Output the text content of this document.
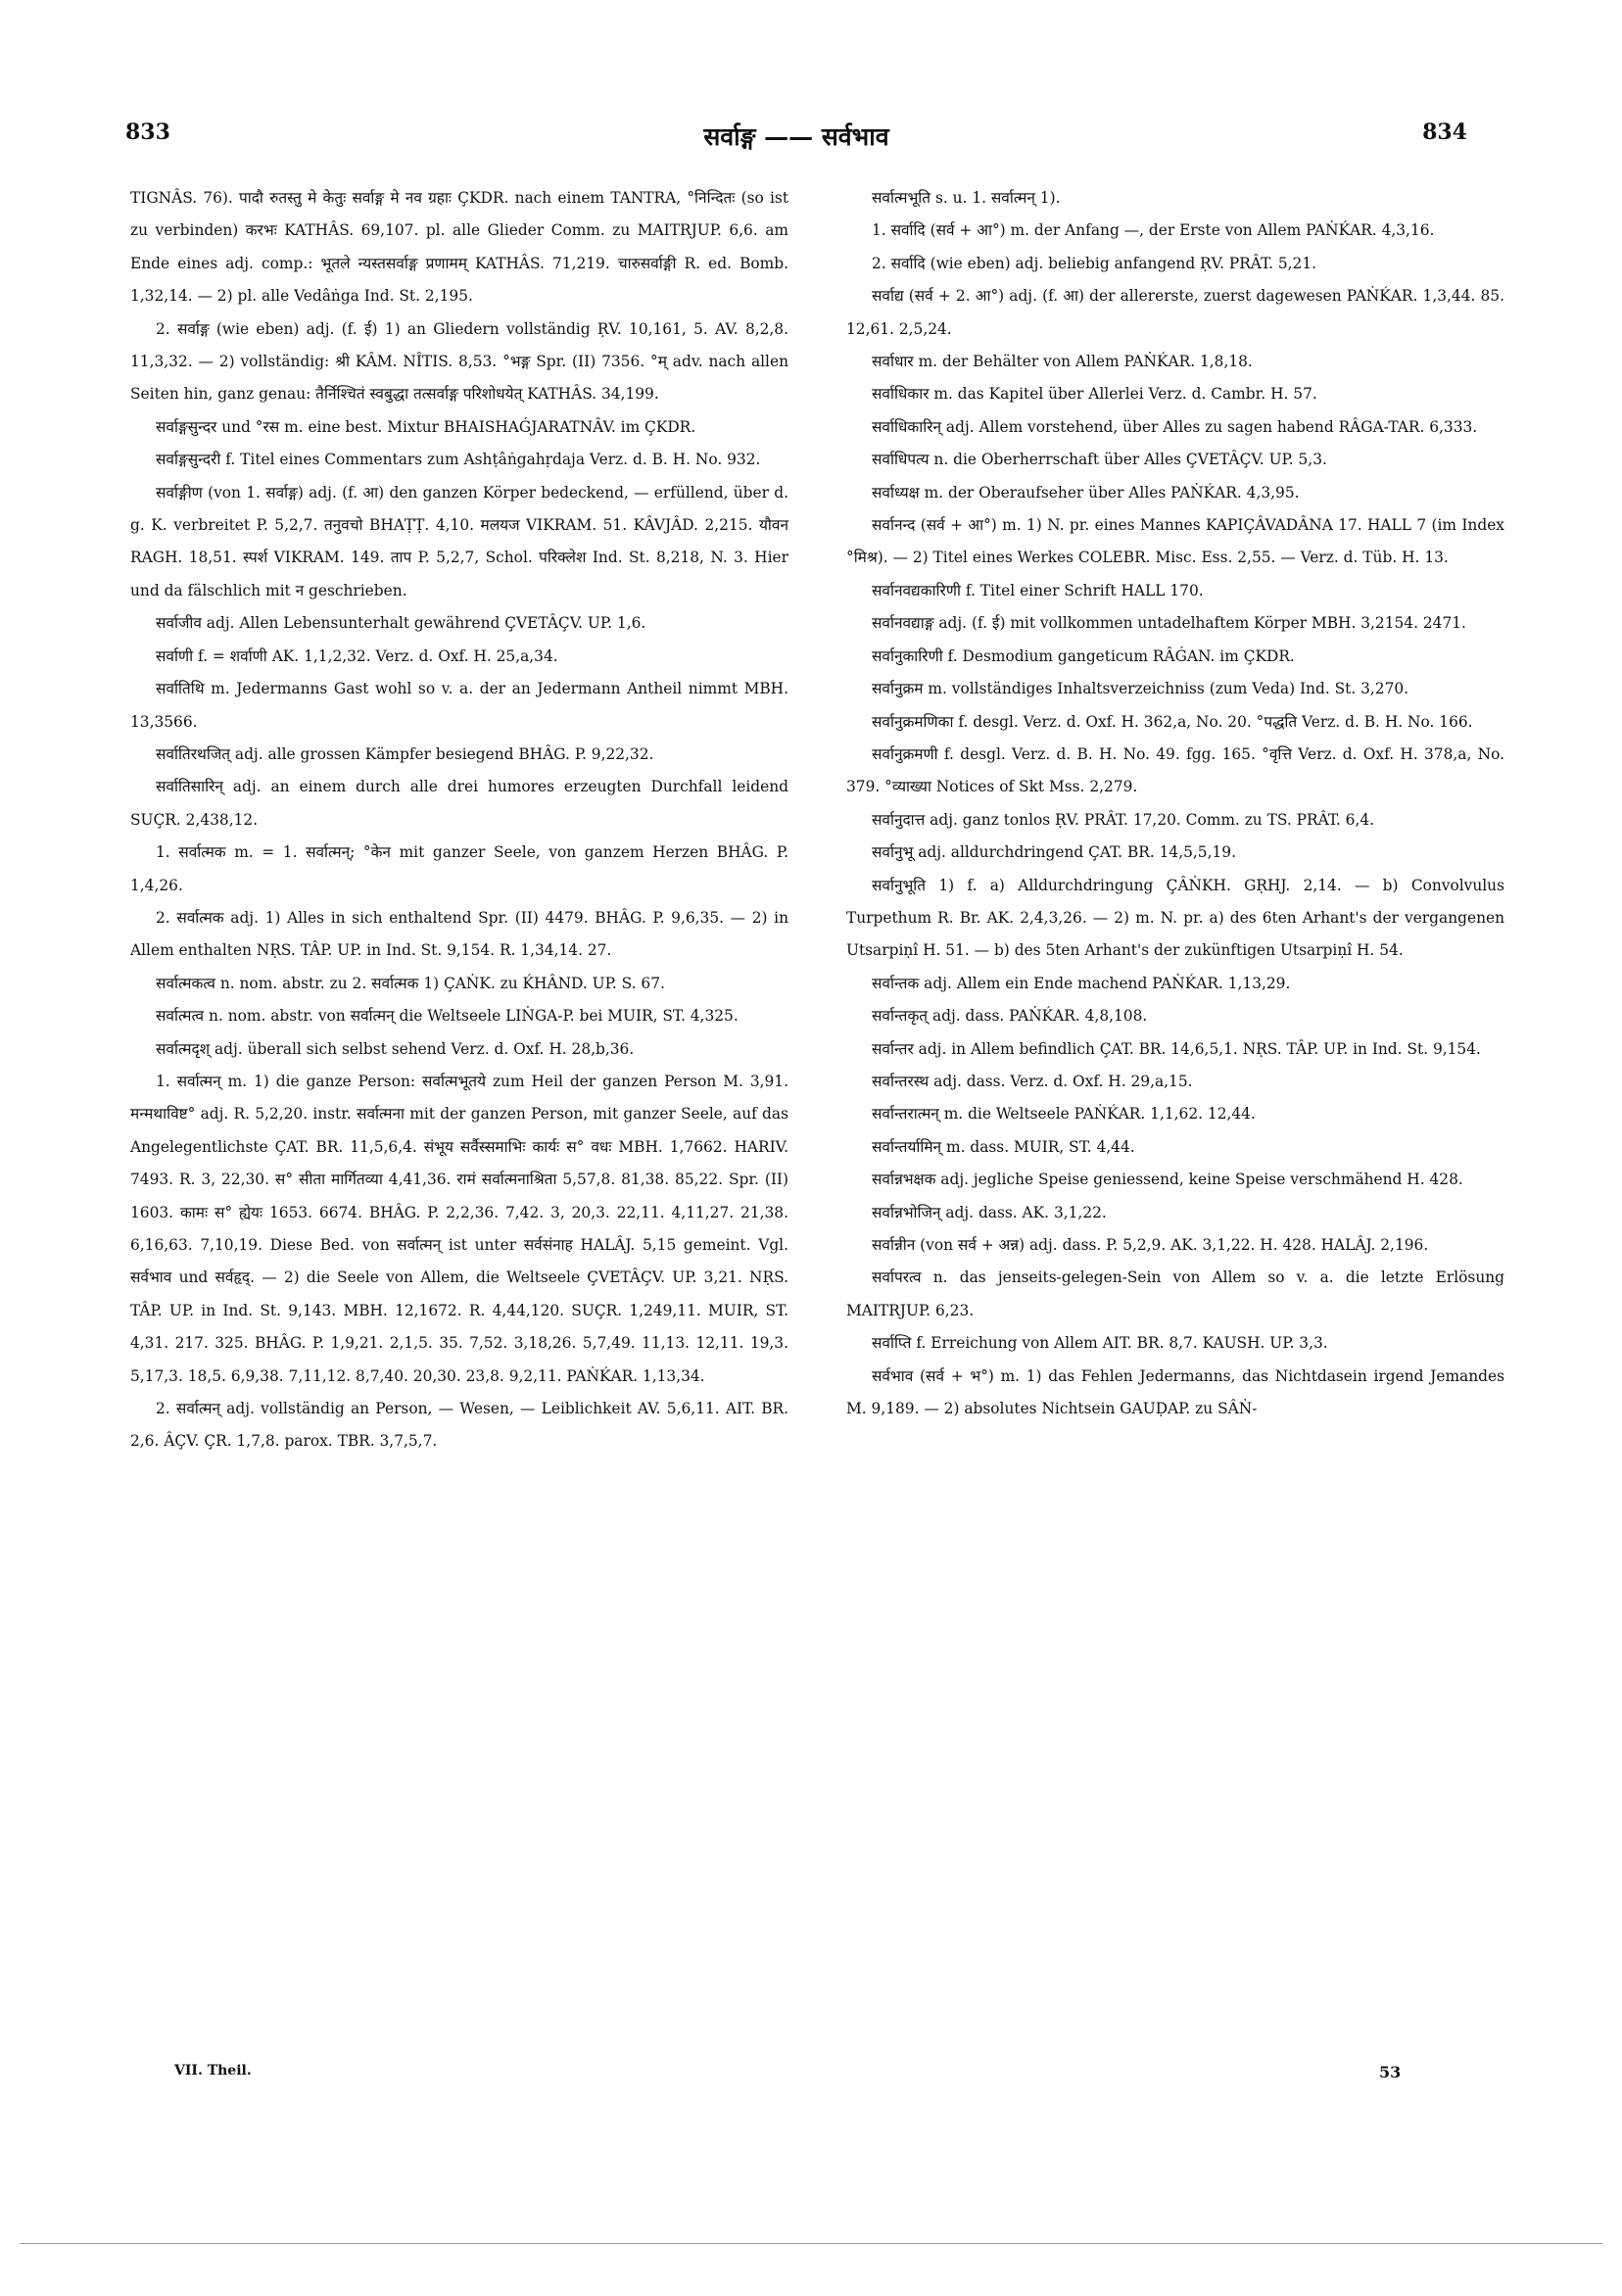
833	सर्वाङ्ग —— सर्वभाव	834

TIGNÂS. 76). पादौ रुतस्तु मे केतुः सर्वाङ्ग मे नव ग्रहाः ÇKDR. nach einem TANTRA, °निन्दितः (so ist zu verbinden) करभः KATHÂS. 69,107. pl. alle Glieder Comm. zu MAITRJUP. 6,6. am Ende eines adj. comp.: भूतले न्यस्तसर्वाङ्ग प्रणामम् KATHÂS. 71,219. चारुसर्वाङ्गी R. ed. Bomb. 1,32,14. — 2) pl. alle Vedâṅga Ind. St. 2,195.

2. सर्वाङ्ग (wie eben) adj. (f. ई) 1) an Gliedern vollständig ṚV. 10,161, 5. AV. 8,2,8. 11,3,32. — 2) vollständig: श्री KÂM. NÎTIS. 8,53. °भङ्ग Spr. (II) 7356. °म् adv. nach allen Seiten hin, ganz genau: तैर्निश्चितं स्वबुद्धा तत्सर्वाङ्ग परिशोधयेत् KATHÂS. 34,199.

सर्वाङ्गसुन्दर und °रस m. eine best. Mixtur BHAISHAǴJARATNÂV. im ÇKDR.

सर्वाङ्गसुन्दरी f. Titel eines Commentars zum Ashṭâṅgahṛdaja Verz. d. B. H. No. 932.

सर्वाङ्गीण (von 1. सर्वाङ्ग) adj. (f. आ) den ganzen Körper bedeckend, — erfüllend, über d. g. K. verbreitet P. 5,2,7. तनुवचो BHAṬṬ. 4,10. मलयज VIKRAM. 51. KÂVJÂD. 2,215. यौवन RAGH. 18,51. स्पर्श VIKRAM. 149. ताप P. 5,2,7, Schol. परिक्लेश Ind. St. 8,218, N. 3. Hier und da fälschlich mit न geschrieben.

सर्वाजीव adj. Allen Lebensunterhalt gewährend ÇVETÂÇV. UP. 1,6.

सर्वाणी f. = शर्वाणी AK. 1,1,2,32. Verz. d. Oxf. H. 25,a,34.

सर्वातिथि m. Jedermanns Gast wohl so v. a. der an Jedermann Antheil nimmt MBH. 13,3566.

सर्वातिरथजित् adj. alle grossen Kämpfer besiegend BHÂG. P. 9,22,32.

सर्वातिसारिन् adj. an einem durch alle drei humores erzeugten Durchfall leidend SUÇR. 2,438,12.

1. सर्वात्मक m. = 1. सर्वात्मन्; °केन mit ganzer Seele, von ganzem Herzen BHÂG. P. 1,4,26.

2. सर्वात्मक adj. 1) Alles in sich enthaltend Spr. (II) 4479. BHÂG. P. 9,6,35. — 2) in Allem enthalten NṚS. TÂP. UP. in Ind. St. 9,154. R. 1,34,14. 27.

सर्वात्मकत्व n. nom. abstr. zu 2. सर्वात्मक 1) ÇAṄK. zu ḰHÂND. UP. S. 67.

सर्वात्मत्व n. nom. abstr. von सर्वात्मन् die Weltseele LIṄGA-P. bei MUIR, ST. 4,325.

सर्वात्मदृश् adj. überall sich selbst sehend Verz. d. Oxf. H. 28,b,36.

1. सर्वात्मन् m. 1) die ganze Person: सर्वात्मभूतये zum Heil der ganzen Person M. 3,91. मन्मथाविष्ट° adj. R. 5,2,20. instr. सर्वात्मना mit der ganzen Person, mit ganzer Seele, auf das Angelegentlichste ÇAT. BR. 11,5,6,4. संभूय सर्वैस्समाभिः कार्यः स° वधः MBH. 1,7662. HARIV. 7493. R. 3, 22,30. स° सीता मार्गितव्या 4,41,36. रामं सर्वात्मनाश्रिता 5,57,8. 81,38. 85,22. Spr. (II) 1603. कामः स° ह्येयः 1653. 6674. BHÂG. P. 2,2,36. 7,42. 3, 20,3. 22,11. 4,11,27. 21,38. 6,16,63. 7,10,19. Diese Bed. von सर्वात्मन् ist unter सर्वसंनाह HALÂJ. 5,15 gemeint. Vgl. सर्वभाव und सर्वहृद्. — 2) die Seele von Allem, die Weltseele ÇVETÂÇV. UP. 3,21. NṚS. TÂP. UP. in Ind. St. 9,143. MBH. 12,1672. R. 4,44,120. SUÇR. 1,249,11. MUIR, ST. 4,31. 217. 325. BHÂG. P. 1,9,21. 2,1,5. 35. 7,52. 3,18,26. 5,7,49. 11,13. 12,11. 19,3. 5,17,3. 18,5. 6,9,38. 7,11,12. 8,7,40. 20,30. 23,8. 9,2,11. PAṄḰAR. 1,13,34.

2. सर्वात्मन् adj. vollständig an Person, — Wesen, — Leiblichkeit AV. 5,6,11. AIT. BR. 2,6. ÂÇV. ÇR. 1,7,8. parox. TBR. 3,7,5,7.

सर्वात्मभूति s. u. 1. सर्वात्मन् 1).

1. सर्वादि (सर्व + आ°) m. der Anfang —, der Erste von Allem PAṄḰAR. 4,3,16.

2. सर्वादि (wie eben) adj. beliebig anfangend ṚV. PRÂT. 5,21.

सर्वाद्य (सर्व + 2. आ°) adj. (f. आ) der allererste, zuerst dagewesen PAṄḰAR. 1,3,44. 85. 12,61. 2,5,24.

सर्वाधार m. der Behälter von Allem PAṄḰAR. 1,8,18.

सर्वाधिकार m. das Kapitel über Allerlei Verz. d. Cambr. H. 57.

सर्वाधिकारिन् adj. Allem vorstehend, über Alles zu sagen habend RÂGA-TAR. 6,333.

सर्वाधिपत्य n. die Oberherrschaft über Alles ÇVETÂÇV. UP. 5,3.

सर्वाध्यक्ष m. der Oberaufseher über Alles PAṄḰAR. 4,3,95.

सर्वानन्द (सर्व + आ°) m. 1) N. pr. eines Mannes KAPIÇÂVADÂNA 17. HALL 7 (im Index °मिश्र). — 2) Titel eines Werkes COLEBR. Misc. Ess. 2,55. — Verz. d. Tüb. H. 13.

सर्वानवद्यकारिणी f. Titel einer Schrift HALL 170.

सर्वानवद्याङ्ग adj. (f. ई) mit vollkommen untadelhaftem Körper MBH. 3,2154. 2471.

सर्वानुकारिणी f. Desmodium gangeticum RÂǴAN. im ÇKDR.

सर्वानुक्रम m. vollständiges Inhaltsverzeichniss (zum Veda) Ind. St. 3,270.

सर्वानुक्रमणिका f. desgl. Verz. d. Oxf. H. 362,a, No. 20. °पद्धति Verz. d. B. H. No. 166.

सर्वानुक्रमणी f. desgl. Verz. d. B. H. No. 49. fgg. 165. °वृत्ति Verz. d. Oxf. H. 378,a, No. 379. °व्याख्या Notices of Skt Mss. 2,279.

सर्वानुदात्त adj. ganz tonlos ṚV. PRÂT. 17,20. Comm. zu TS. PRÂT. 6,4.

सर्वानुभू adj. alldurchdringend ÇAT. BR. 14,5,5,19.

सर्वानुभूति 1) f. a) Alldurchdringung ÇÂṄKH. GṚHJ. 2,14. — b) Convolvulus Turpethum R. Br. AK. 2,4,3,26. — 2) m. N. pr. a) des 6ten Arhant's der vergangenen Utsarpiṇî H. 51. — b) des 5ten Arhant's der zukünftigen Utsarpiṇî H. 54.

सर्वान्तक adj. Allem ein Ende machend PAṄḰAR. 1,13,29.

सर्वान्तकृत् adj. dass. PAṄḰAR. 4,8,108.

सर्वान्तर adj. in Allem befindlich ÇAT. BR. 14,6,5,1. NṚS. TÂP. UP. in Ind. St. 9,154.

सर्वान्तरस्थ adj. dass. Verz. d. Oxf. H. 29,a,15.

सर्वान्तरात्मन् m. die Weltseele PAṄḰAR. 1,1,62. 12,44.

सर्वान्तर्यामिन् m. dass. MUIR, ST. 4,44.

सर्वान्नभक्षक adj. jegliche Speise geniessend, keine Speise verschmähend H. 428.

सर्वान्नभोजिन् adj. dass. AK. 3,1,22.

सर्वान्नीन (von सर्व + अन्न) adj. dass. P. 5,2,9. AK. 3,1,22. H. 428. HALÂJ. 2,196.

सर्वापरत्व n. das jenseits-gelegen-Sein von Allem so v. a. die letzte Erlösung MAITRJUP. 6,23.

सर्वाप्ति f. Erreichung von Allem AIT. BR. 8,7. KAUSH. UP. 3,3.

सर्वभाव (सर्व + भ°) m. 1) das Fehlen Jedermanns, das Nichtdasein irgend Jemandes M. 9,189. — 2) absolutes Nichtsein GAUḌAP. zu SÂṄ-

VII. Theil.	53
